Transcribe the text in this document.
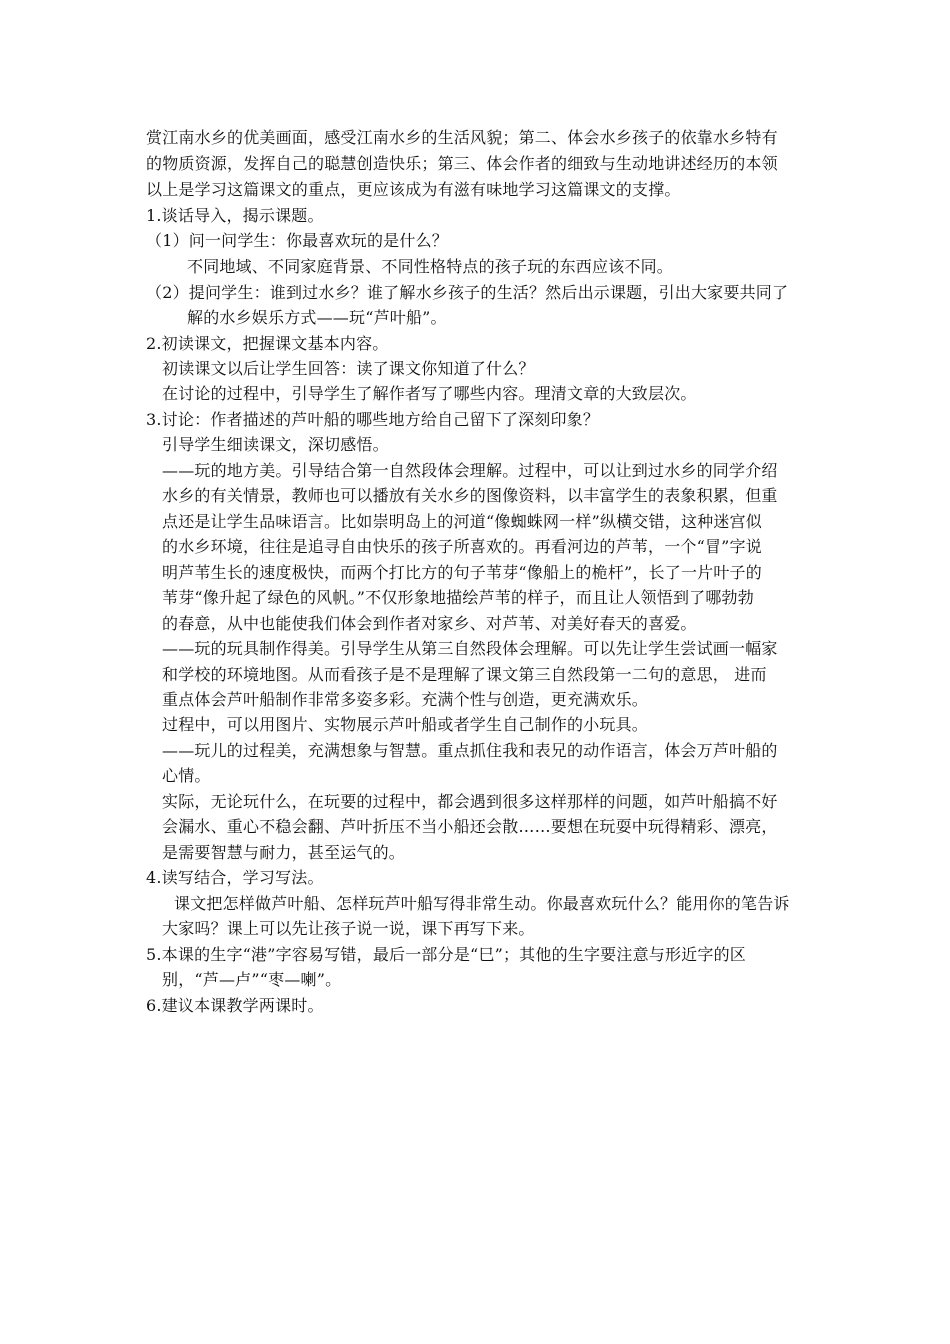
赏江南水乡的优美画面，感受江南水乡的生活风貌；第二、体会水乡孩子的依靠水乡特有
的物质资源，发挥自己的聪慧创造快乐；第三、体会作者的细致与生动地讲述经历的本领
以上是学习这篇课文的重点，更应该成为有滋有味地学习这篇课文的支撑。
1.谈话导入，揭示课题。
（1）问一问学生：你最喜欢玩的是什么？
不同地域、不同家庭背景、不同性格特点的孩子玩的东西应该不同。
（2）提问学生：谁到过水乡？谁了解水乡孩子的生活？然后出示课题，引出大家要共同了
解的水乡娱乐方式——玩“芦叶船”。
2.初读课文，把握课文基本内容。
初读课文以后让学生回答：读了课文你知道了什么？
在讨论的过程中，引导学生了解作者写了哪些内容。理清文章的大致层次。
3.讨论：作者描述的芦叶船的哪些地方给自己留下了深刻印象？
引导学生细读课文，深切感悟。
——玩的地方美。引导结合第一自然段体会理解。过程中，可以让到过水乡的同学介绍
水乡的有关情景，教师也可以播放有关水乡的图像资料，以丰富学生的表象积累，但重
点还是让学生品味语言。比如崇明岛上的河道“像蜘蛛网一样”纵横交错，这种迷宫似
的水乡环境，往往是追寻自由快乐的孩子所喜欢的。再看河边的芦苇，一个“冒”字说
明芦苇生长的速度极快，而两个打比方的句子苇芽“像船上的桅杆”，长了一片叶子的
苇芽“像升起了绿色的风帆。”不仅形象地描绘芦苇的样子，而且让人领悟到了哪勃勃
的春意，从中也能使我们体会到作者对家乡、对芦苇、对美好春天的喜爱。
——玩的玩具制作得美。引导学生从第三自然段体会理解。可以先让学生尝试画一幅家
和学校的环境地图。从而看孩子是不是理解了课文第三自然段第一二句的意思， 进而
重点体会芦叶船制作非常多姿多彩。充满个性与创造，更充满欢乐。
过程中，可以用图片、实物展示芦叶船或者学生自己制作的小玩具。
——玩儿的过程美，充满想象与智慧。重点抓住我和表兄的动作语言，体会万芦叶船的
心情。
实际，无论玩什么，在玩要的过程中，都会遇到很多这样那样的问题，如芦叶船搞不好
会漏水、重心不稳会翻、芦叶折压不当小船还会散……要想在玩耍中玩得精彩、漂亮，
是需要智慧与耐力，甚至运气的。
4.读写结合，学习写法。
课文把怎样做芦叶船、怎样玩芦叶船写得非常生动。你最喜欢玩什么？能用你的笔告诉
大家吗？课上可以先让孩子说一说，课下再写下来。
5.本课的生字“港”字容易写错，最后一部分是“巳”；其他的生字要注意与形近字的区
别，“芦—卢”“枣—喇”。
6.建议本课教学两课时。
